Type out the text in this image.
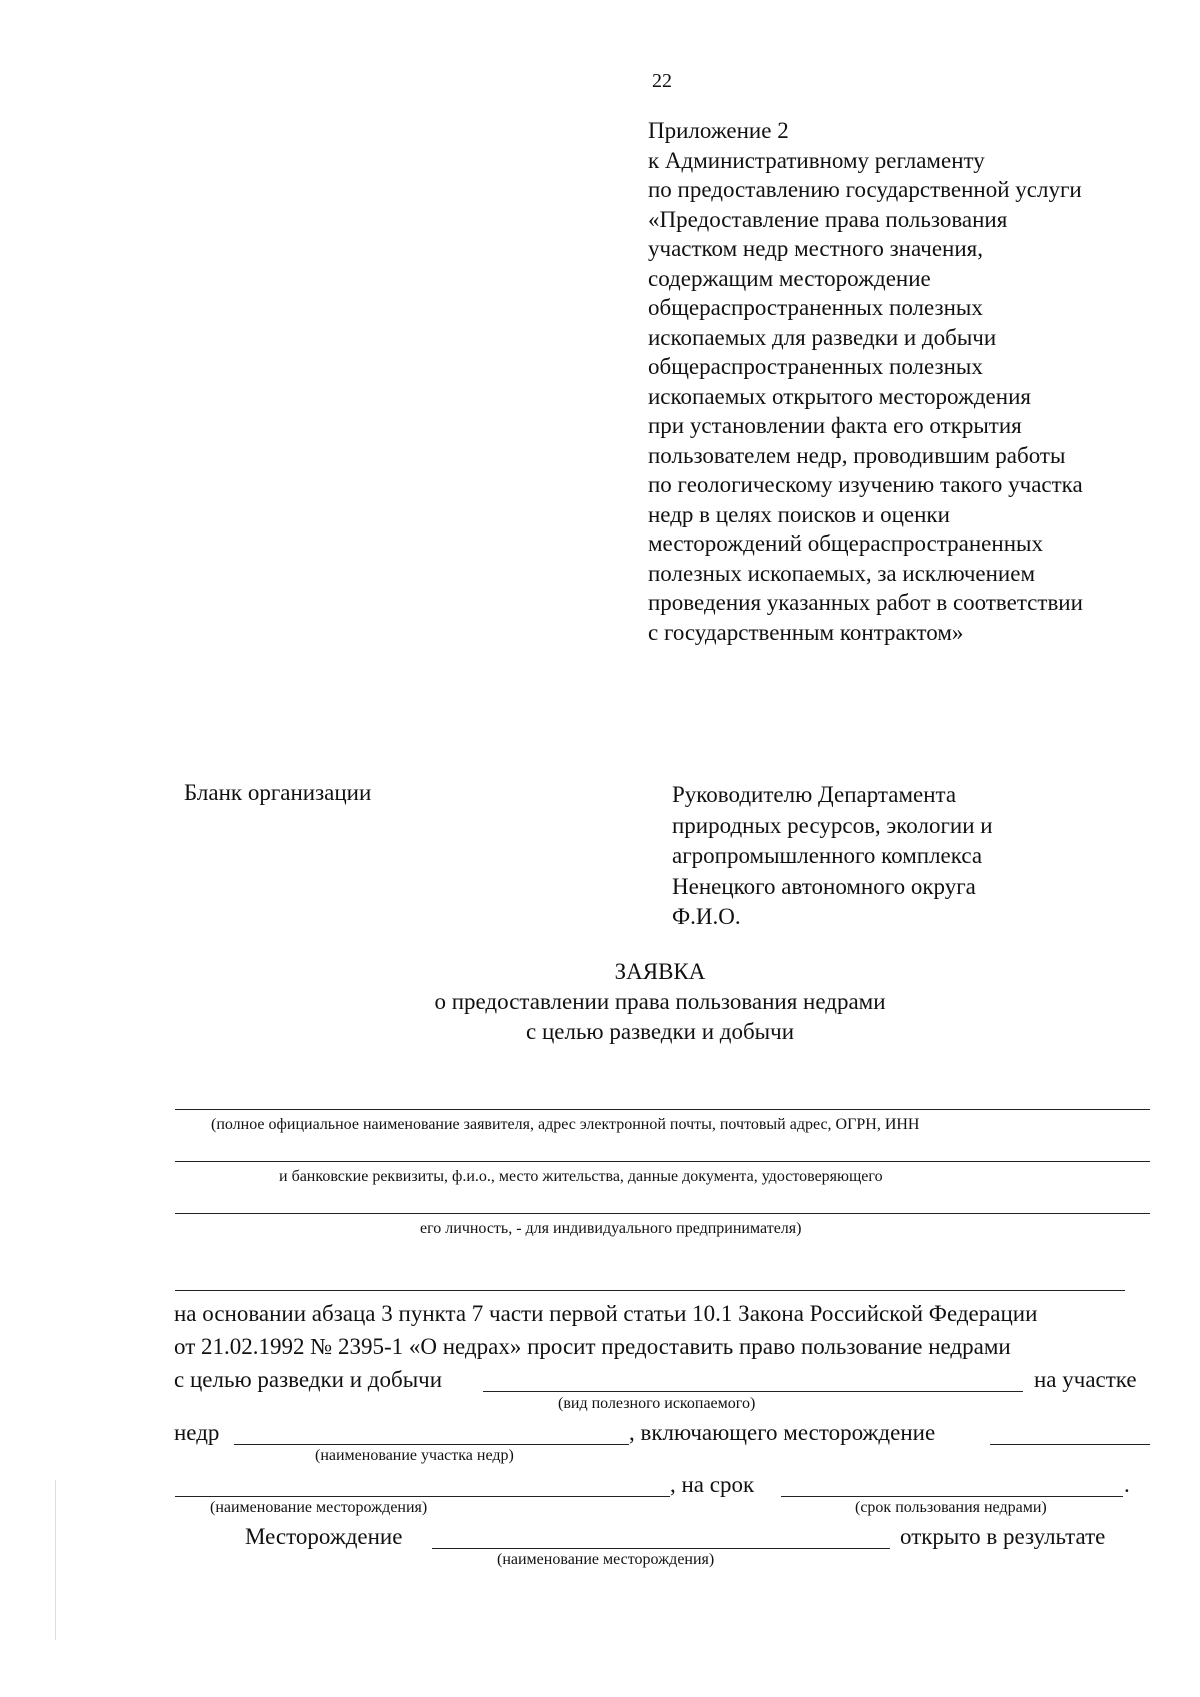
22
Приложение 2
к Административному регламенту
по предоставлению государственной услуги
«Предоставление права пользования
участком недр местного значения,
содержащим месторождение
общераспространенных полезных
ископаемых для разведки и добычи
общераспространенных полезных
ископаемых открытого месторождения
при установлении факта его открытия
пользователем недр, проводившим работы
по геологическому изучению такого участка
недр в целях поисков и оценки
месторождений общераспространенных
полезных ископаемых, за исключением
проведения указанных работ в соответствии
с государственным контрактом»
Бланк организации	Руководителю Департамента
природных ресурсов, экологии и
агропромышленного комплекса
Ненецкого автономного округа
Ф.И.О.
ЗАЯВКА
о предоставлении права пользования недрами
с целью разведки и добычи
(полное официальное наименование заявителя, адрес электронной почты, почтовый адрес, ОГРН, ИНН
и банковские реквизиты, ф.и.о., место жительства, данные документа, удостоверяющего
его личность, - для индивидуального предпринимателя)
на основании абзаца 3 пункта 7 части первой статьи 10.1 Закона Российской Федерации
от 21.02.1992 № 2395-1 «О недрах» просит предоставить право пользование недрами
с целью разведки и добычи	на участке
(вид полезного ископаемого)
недр	, включающего месторождение
(наименование участка недр)
, на срок	.
(наименование месторождения)	(срок пользования недрами)
Месторождение	открыто в результате
(наименование месторождения)
